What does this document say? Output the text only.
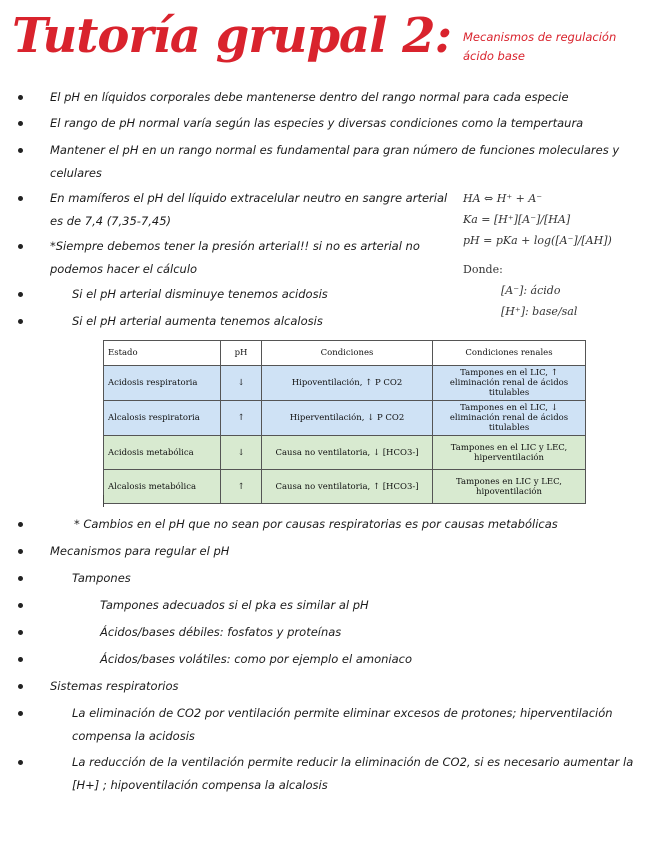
Tutoría grupal 2: Mecanismos de regulación ácido base
El pH en líquidos corporales debe mantenerse dentro del rango normal para cada especie
El rango de pH normal varía según las especies y diversas condiciones como la tempertaura
Mantener el pH en un rango normal es fundamental para gran número de funciones moleculares y celulares
En mamíferos el pH del líquido extracelular neutro en sangre arterial es de 7,4 (7,35-7,45)
*Siempre debemos tener la presión arterial!! si no es arterial no podemos hacer el cálculo
Si el pH arterial disminuye tenemos acidosis
Si el pH arterial aumenta tenemos alcalosis
HA ⇔ H⁺ + A⁻
Ka = [H⁺][A⁻]/[HA]
pH = pKa + log([A⁻]/[AH])
Donde:
[A⁻]: ácido
[H⁺]: base/sal
Estado	pH	Condiciones	Condiciones renales
Acidosis respiratoria	↓	Hipoventilación, ↑ P CO2	Tampones en el LIC, ↑ eliminación renal de ácidos titulables
Alcalosis respiratoria	↑	Hiperventilación, ↓ P CO2	Tampones en el LIC, ↓ eliminación renal de ácidos titulables
Acidosis metabólica	↓	Causa no ventilatoria, ↓ [HCO3-]	Tampones en el LIC y LEC, hiperventilación
Alcalosis metabólica	↑	Causa no ventilatoria, ↑ [HCO3-]	Tampones en LIC y LEC, hipoventilación
* Cambios en el pH que no sean por causas respiratorias es por causas metabólicas
Mecanismos para regular el pH
Tampones
Tampones adecuados si el pka es similar al pH
Ácidos/bases débiles: fosfatos y proteínas
Ácidos/bases volátiles: como por ejemplo el amoniaco
Sistemas respiratorios
La eliminación de CO2 por ventilación permite eliminar excesos de protones; hiperventilación compensa la acidosis
La reducción de la ventilación permite reducir la eliminación de CO2, si es necesario aumentar la [H+] ; hipoventilación compensa la alcalosis
